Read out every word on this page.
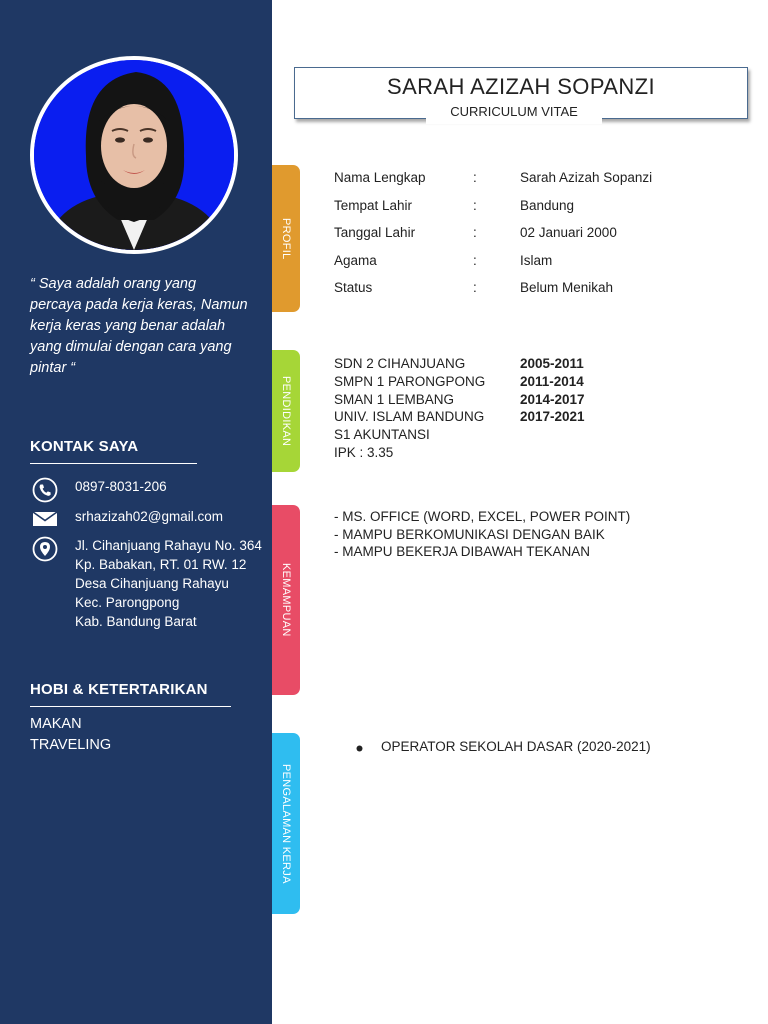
“ Saya adalah orang yang percaya pada kerja keras, Namun kerja keras yang benar adalah yang dimulai dengan cara yang pintar “
KONTAK SAYA
0897-8031-206
srhazizah02@gmail.com
Jl. Cihanjuang Rahayu No. 364
Kp. Babakan, RT. 01 RW. 12
Desa Cihanjuang Rahayu
Kec. Parongpong
Kab. Bandung Barat
HOBI & KETERTARIKAN
MAKAN
TRAVELING
SARAH AZIZAH SOPANZI
CURRICULUM VITAE
PROFIL
PENDIDIKAN
KEMAMPUAN
PENGALAMAN KERJA
Nama Lengkap	:	Sarah Azizah Sopanzi
Tempat Lahir	:	Bandung
Tanggal Lahir	:	02 Januari 2000
Agama	:	Islam
Status	:	Belum Menikah
SDN 2 CIHANJUANG	2005-2011
SMPN 1 PARONGPONG	2011-2014
SMAN 1 LEMBANG	2014-2017
UNIV. ISLAM BANDUNG	2017-2021
S1 AKUNTANSI
IPK : 3.35
- MS. OFFICE (WORD, EXCEL, POWER POINT)
- MAMPU BERKOMUNIKASI DENGAN BAIK
- MAMPU BEKERJA DIBAWAH TEKANAN
OPERATOR SEKOLAH DASAR (2020-2021)
